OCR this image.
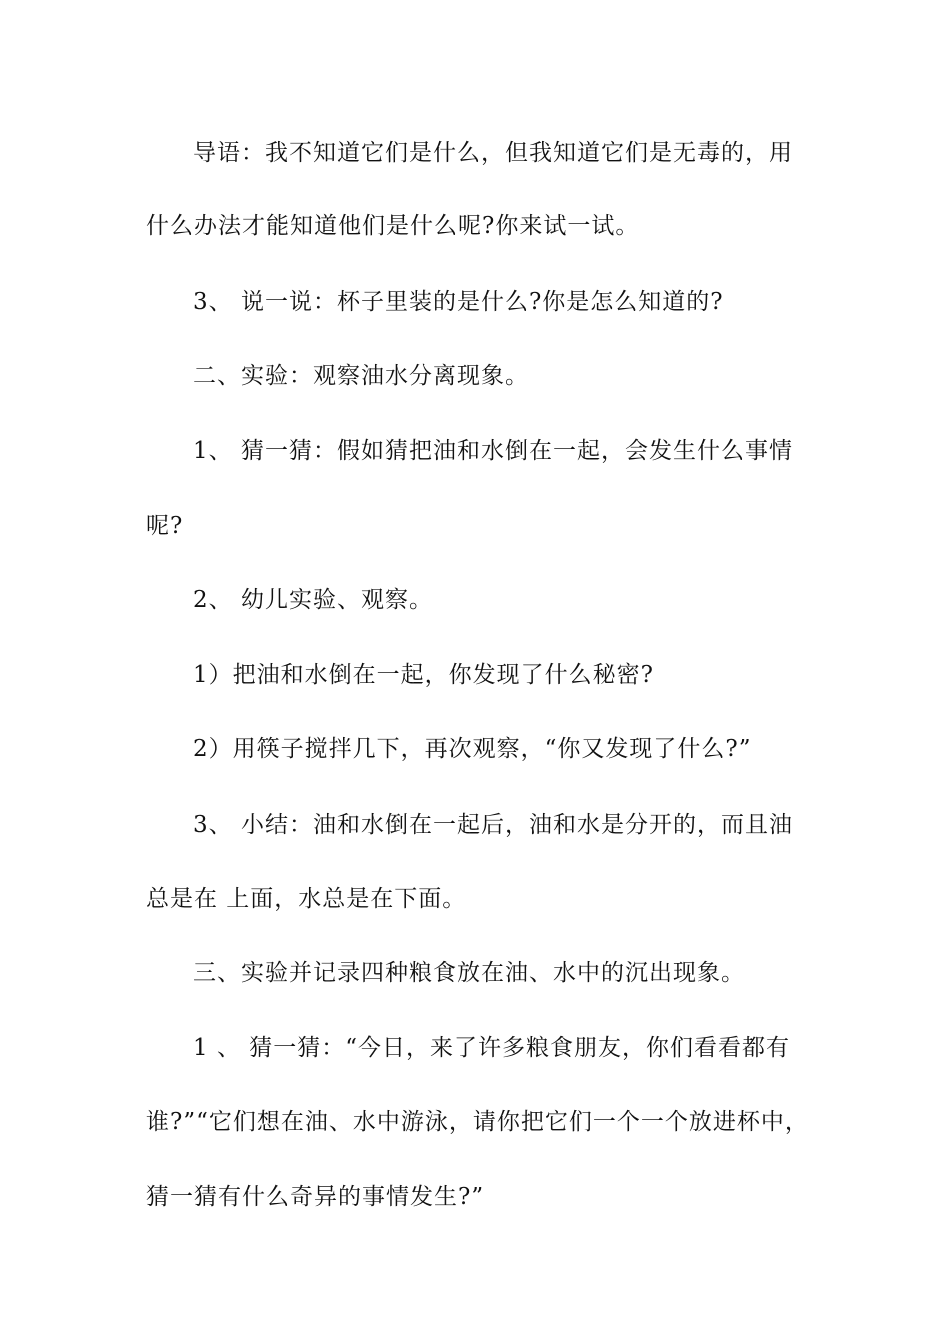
导语：我不知道它们是什么，但我知道它们是无毒的，用
什么办法才能知道他们是什么呢?你来试一试。
3、 说一说：杯子里装的是什么?你是怎么知道的?
二、实验：观察油水分离现象。
1、 猜一猜：假如猜把油和水倒在一起，会发生什么事情
呢?
2、 幼儿实验、观察。
1）把油和水倒在一起，你发现了什么秘密?
2）用筷子搅拌几下，再次观察，“你又发现了什么?”
3、 小结：油和水倒在一起后，油和水是分开的，而且油
总是在 上面，水总是在下面。
三、实验并记录四种粮食放在油、水中的沉出现象。
1 、 猜一猜：“今日，来了许多粮食朋友，你们看看都有
谁?”“它们想在油、水中游泳，请你把它们一个一个放进杯中，
猜一猜有什么奇异的事情发生?”
